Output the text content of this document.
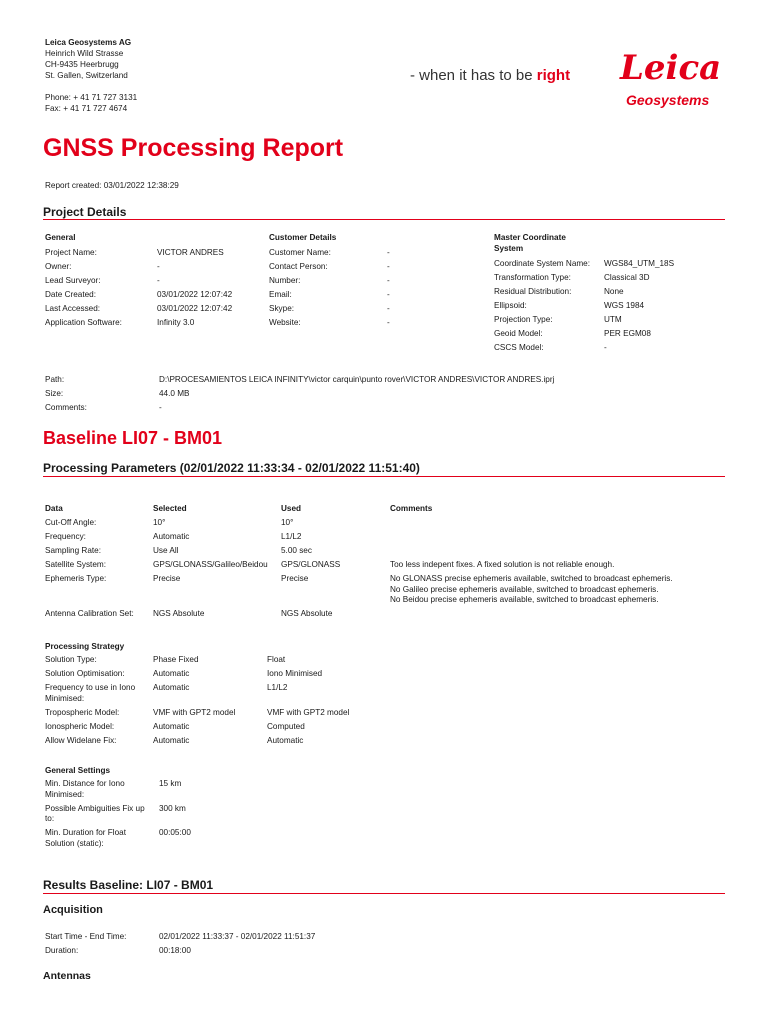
Leica Geosystems AG
Heinrich Wild Strasse
CH-9435 Heerbrugg
St. Gallen, Switzerland
Phone: + 41 71 727 3131
Fax: + 41 71 727 4674
- when it has to be right Leica
Geosystems
GNSS Processing Report
Report created: 03/01/2022 12:38:29
Project Details
General
Project Name:	VICTOR ANDRES
Owner:	-
Lead Surveyor:	-
Date Created:	03/01/2022 12:07:42
Last Accessed:	03/01/2022 12:07:42
Application Software:	Infinity 3.0
Customer Details
Customer Name:	-
Contact Person:	-
Number:	-
Email:	-
Skype:	-
Website:	-
Master Coordinate System
Coordinate System Name:	WGS84_UTM_18S
Transformation Type:	Classical 3D
Residual Distribution:	None
Ellipsoid:	WGS 1984
Projection Type:	UTM
Geoid Model:	PER EGM08
CSCS Model:	-
Path:	D:\PROCESAMIENTOS LEICA INFINITY\victor carquin\punto rover\VICTOR ANDRES\VICTOR ANDRES.iprj
Size:	44.0 MB
Comments:	-
Baseline LI07 - BM01
Processing Parameters (02/01/2022 11:33:34 - 02/01/2022 11:51:40)
Data	Selected	Used	Comments
Cut-Off Angle:	10°	10°
Frequency:	Automatic	L1/L2
Sampling Rate:	Use All	5.00 sec
Satellite System:	GPS/GLONASS/Galileo/Beidou	GPS/GLONASS	Too less indepent fixes. A fixed solution is not reliable enough.
Ephemeris Type:	Precise	Precise	No GLONASS precise ephemeris available, switched to broadcast ephemeris.
No Galileo precise ephemeris available, switched to broadcast ephemeris.
No Beidou precise ephemeris available, switched to broadcast ephemeris.
Antenna Calibration Set:	NGS Absolute	NGS Absolute
Processing Strategy
Solution Type:	Phase Fixed	Float
Solution Optimisation:	Automatic	Iono Minimised
Frequency to use in Iono Minimised:
Automatic	L1/L2
Tropospheric Model:	VMF with GPT2 model	VMF with GPT2 model
Ionospheric Model:	Automatic	Computed
Allow Widelane Fix:	Automatic	Automatic
General Settings
Min. Distance for Iono Minimised:
15 km
Possible Ambiguities Fix up to:
300 km
Min. Duration for Float Solution (static):
00:05:00
Results Baseline: LI07 - BM01
Acquisition
Start Time - End Time:	02/01/2022 11:33:37 - 02/01/2022 11:51:37
Duration:	00:18:00
Antennas
